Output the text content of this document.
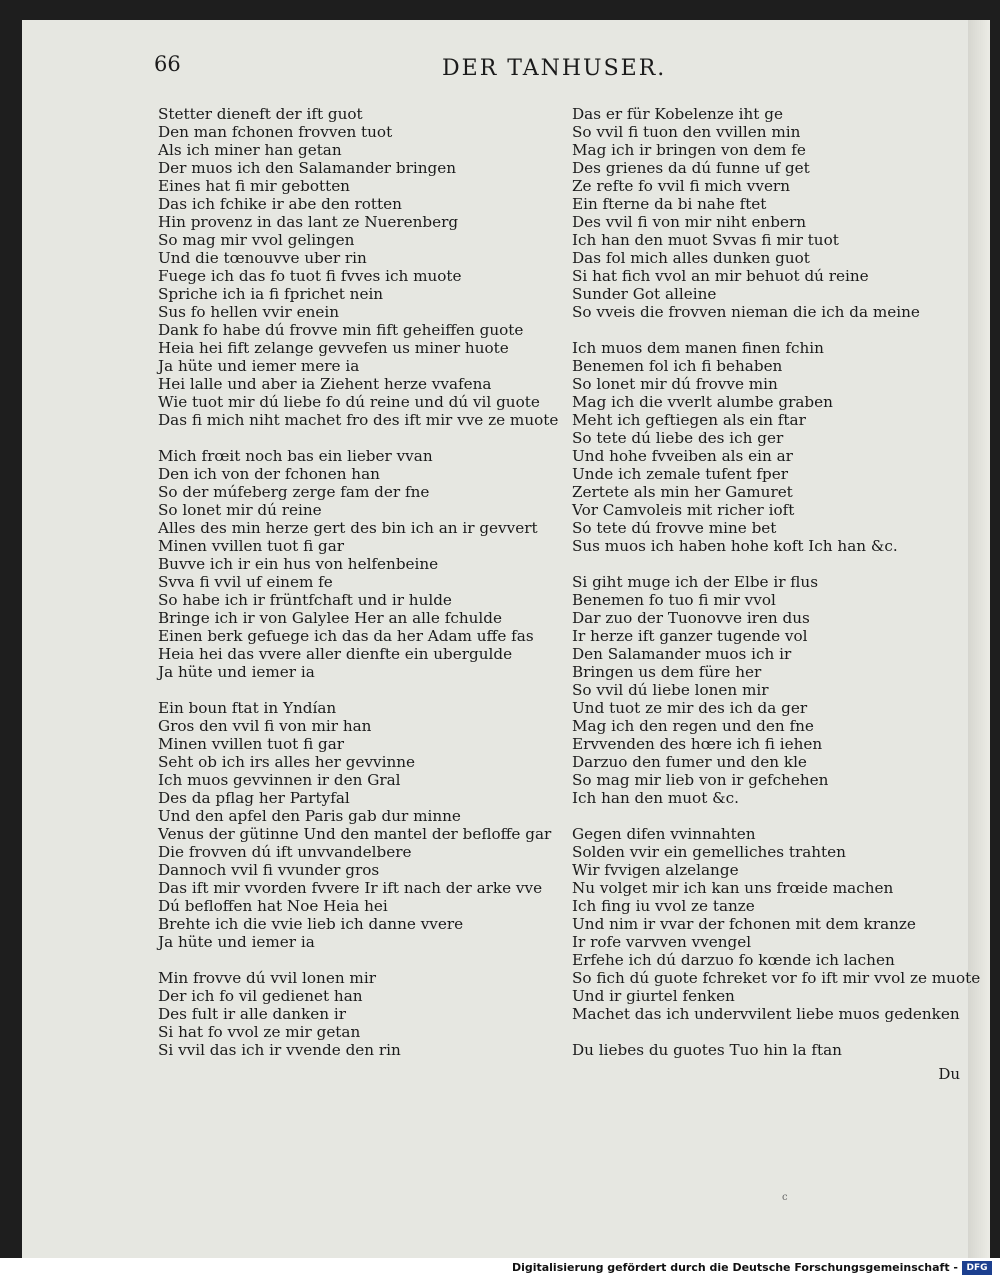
66	DER TANHUSER.
Stetter dieneft der ift guot
Den man fchonen frovven tuot
Als ich miner han getan
Der muos ich den Salamander bringen
Eines hat fi mir gebotten
Das ich fchike ir abe den rotten
Hin provenz in das lant ze Nuerenberg
So mag mir vvol gelingen
Und die tœnouvve uber rin
Fuege ich das fo tuot fi fvves ich muote
Spriche ich ia fi fprichet nein
Sus fo hellen vvir enein
Dank fo habe dú frovve min fift geheiffen guote
Heia hei fift zelange gevvefen us miner huote
Ja hüte und iemer mere ia
Hei lalle und aber ia Ziehent herze vvafena
Wie tuot mir dú liebe fo dú reine und dú vil guote
Das fi mich niht machet fro des ift mir vve ze muote
Mich frœit noch bas ein lieber vvan
Den ich von der fchonen han
So der múfeberg zerge fam der fne
So lonet mir dú reine
Alles des min herze gert des bin ich an ir gevvert
Minen vvillen tuot fi gar
Buvve ich ir ein hus von helfenbeine
Svva fi vvil uf einem fe
So habe ich ir früntfchaft und ir hulde
Bringe ich ir von Galylee Her an alle fchulde
Einen berk gefuege ich das da her Adam uffe fas
Heia hei das vvere aller dienfte ein ubergulde
Ja hüte und iemer ia
Ein boun ftat in Yndían
Gros den vvil fi von mir han
Minen vvillen tuot fi gar
Seht ob ich irs alles her gevvinne
Ich muos gevvinnen ir den Gral
Des da pflag her Partyfal
Und den apfel den Paris gab dur minne
Venus der gütinne Und den mantel der befloffe gar
Die frovven dú ift unvvandelbere
Dannoch vvil fi vvunder gros
Das ift mir vvorden fvvere Ir ift nach der arke vve
Dú befloffen hat Noe Heia hei
Brehte ich die vvie lieb ich danne vvere
Ja hüte und iemer ia
Min frovve dú vvil lonen mir
Der ich fo vil gedienet han
Des fult ir alle danken ir
Si hat fo vvol ze mir getan
Si vvil das ich ir vvende den rin
Das er für Kobelenze iht ge
So vvil fi tuon den vvillen min
Mag ich ir bringen von dem fe
Des grienes da dú funne uf get
Ze refte fo vvil fi mich vvern
Ein fterne da bi nahe ftet
Des vvil fi von mir niht enbern
Ich han den muot Svvas fi mir tuot
Das fol mich alles dunken guot
Si hat fich vvol an mir behuot dú reine
Sunder Got alleine
So vveis die frovven nieman die ich da meine
Ich muos dem manen finen fchin
Benemen fol ich fi behaben
So lonet mir dú frovve min
Mag ich die vverlt alumbe graben
Meht ich geftiegen als ein ftar
So tete dú liebe des ich ger
Und hohe fvveiben als ein ar
Unde ich zemale tufent fper
Zertete als min her Gamuret
Vor Camvoleis mit richer ioft
So tete dú frovve mine bet
Sus muos ich haben hohe koft Ich han &c.
Si giht muge ich der Elbe ir flus
Benemen fo tuo fi mir vvol
Dar zuo der Tuonovve iren dus
Ir herze ift ganzer tugende vol
Den Salamander muos ich ir
Bringen us dem füre her
So vvil dú liebe lonen mir
Und tuot ze mir des ich da ger
Mag ich den regen und den fne
Ervvenden des hœre ich fi iehen
Darzuo den fumer und den kle
So mag mir lieb von ir gefchehen
Ich han den muot &c.
Gegen difen vvinnahten
Solden vvir ein gemelliches trahten
Wir fvvigen alzelange
Nu volget mir ich kan uns frœide machen
Ich fing iu vvol ze tanze
Und nim ir vvar der fchonen mit dem kranze
Ir rofe varvven vvengel
Erfehe ich dú darzuo fo kœnde ich lachen
So fich dú guote fchreket vor fo ift mir vvol ze muote
Und ir giurtel fenken
Machet das ich undervvilent liebe muos gedenken
Du liebes du guotes Tuo hin la ftan
Du
c
Digitalisierung gefördert durch die Deutsche Forschungsgemeinschaft - DFG
